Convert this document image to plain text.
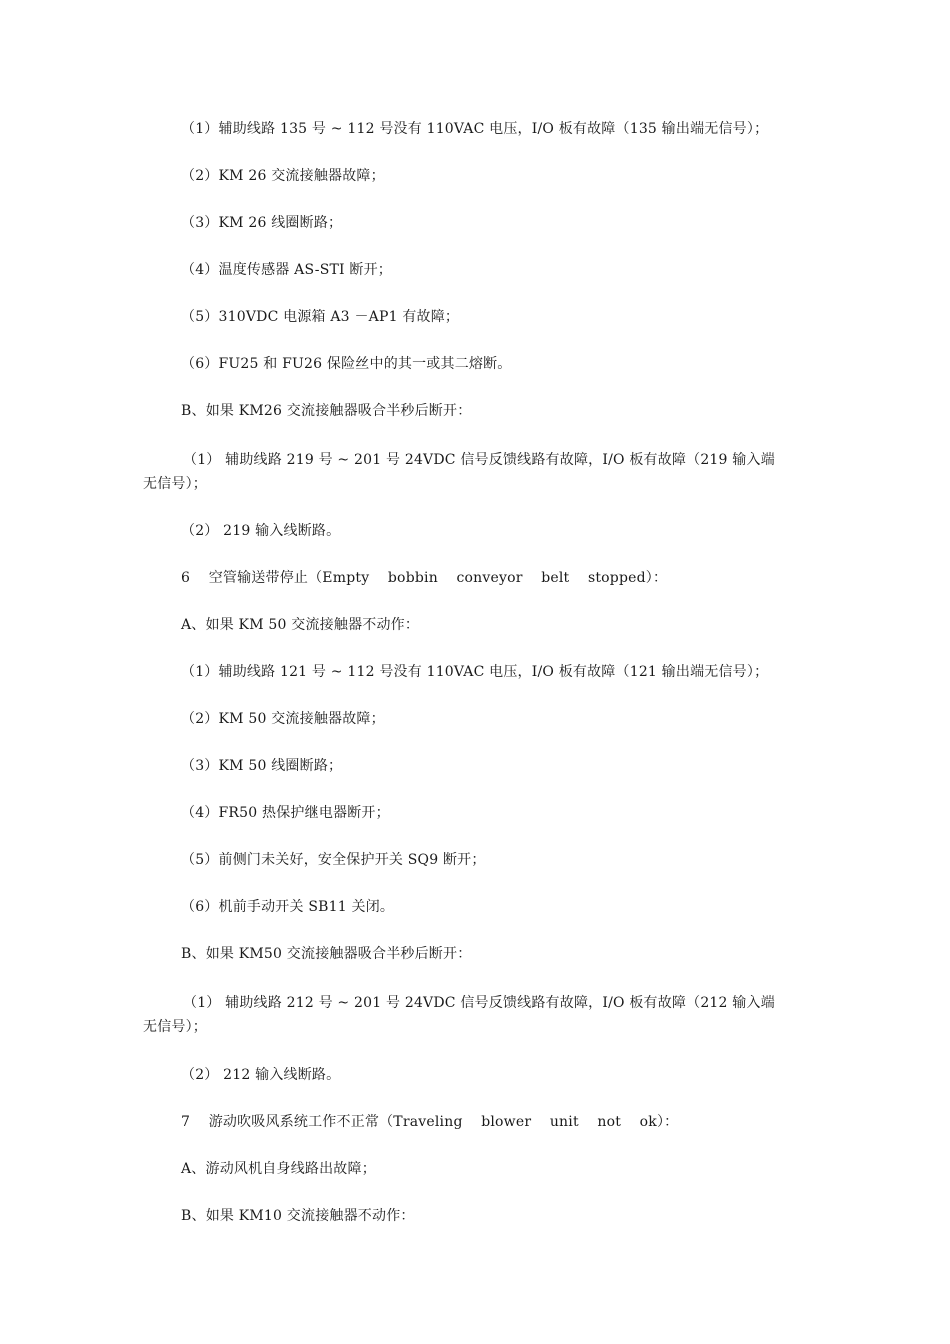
（1）辅助线路 135 号 ~ 112 号没有 110VAC 电压，I/O 板有故障（135 输出端无信号）；
（2）KM 26 交流接触器故障；
（3）KM 26 线圈断路；
（4）温度传感器 AS-STI 断开；
（5）310VDC 电源箱 A3 －AP1 有故障；
（6）FU25 和 FU26 保险丝中的其一或其二熔断。
B、如果 KM26 交流接触器吸合半秒后断开：
（1） 辅助线路 219 号 ~ 201 号 24VDC 信号反馈线路有故障，I/O 板有故障（219 输入端
无信号）；
（2） 219 输入线断路。
6    空管输送带停止（Empty    bobbin    conveyor    belt    stopped）：
A、如果 KM 50 交流接触器不动作：
（1）辅助线路 121 号 ~ 112 号没有 110VAC 电压，I/O 板有故障（121 输出端无信号）；
（2）KM 50 交流接触器故障；
（3）KM 50 线圈断路；
（4）FR50 热保护继电器断开；
（5）前侧门未关好，安全保护开关 SQ9 断开；
（6）机前手动开关 SB11 关闭。
B、如果 KM50 交流接触器吸合半秒后断开：
（1） 辅助线路 212 号 ~ 201 号 24VDC 信号反馈线路有故障，I/O 板有故障（212 输入端
无信号）；
（2） 212 输入线断路。
7    游动吹吸风系统工作不正常（Traveling    blower    unit    not    ok）：
A、游动风机自身线路出故障；
B、如果 KM10 交流接触器不动作：
